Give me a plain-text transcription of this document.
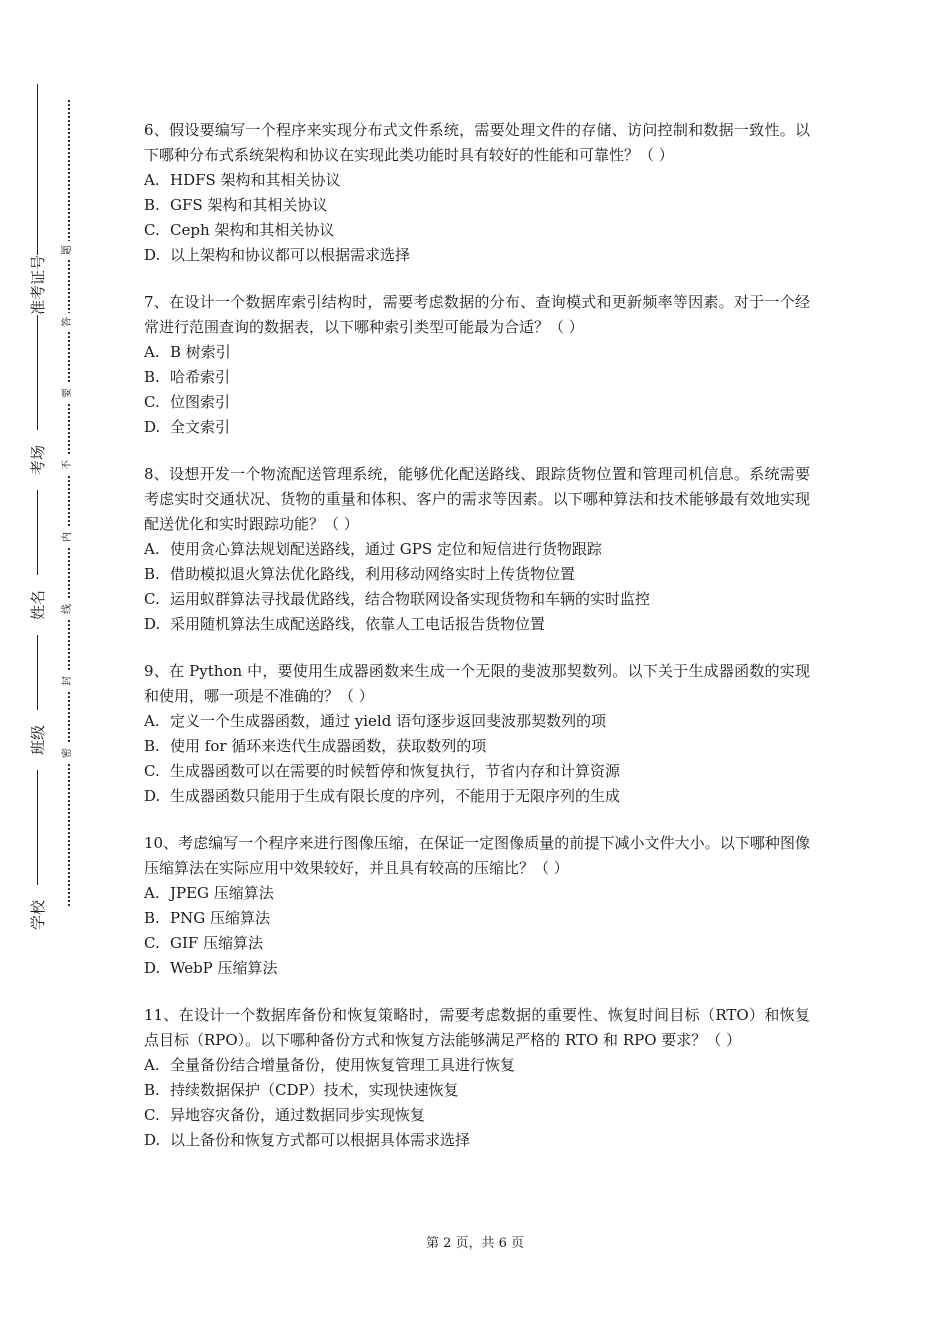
准考证号
考场
姓名
班级
学校
题
答
要
不
内
线
封
密

6、假设要编写一个程序来实现分布式文件系统，需要处理文件的存储、访问控制和数据一致性。以下哪种分布式系统架构和协议在实现此类功能时具有较好的性能和可靠性？（ ）

A. HDFS 架构和其相关协议

B. GFS 架构和其相关协议

C. Ceph 架构和其相关协议

D. 以上架构和协议都可以根据需求选择

7、在设计一个数据库索引结构时，需要考虑数据的分布、查询模式和更新频率等因素。对于一个经常进行范围查询的数据表，以下哪种索引类型可能最为合适？（ ）

A. B 树索引

B. 哈希索引

C. 位图索引

D. 全文索引

8、设想开发一个物流配送管理系统，能够优化配送路线、跟踪货物位置和管理司机信息。系统需要考虑实时交通状况、货物的重量和体积、客户的需求等因素。以下哪种算法和技术能够最有效地实现配送优化和实时跟踪功能？（ ）

A. 使用贪心算法规划配送路线，通过 GPS 定位和短信进行货物跟踪

B. 借助模拟退火算法优化路线，利用移动网络实时上传货物位置

C. 运用蚁群算法寻找最优路线，结合物联网设备实现货物和车辆的实时监控

D. 采用随机算法生成配送路线，依靠人工电话报告货物位置

9、在 Python 中，要使用生成器函数来生成一个无限的斐波那契数列。以下关于生成器函数的实现和使用，哪一项是不准确的？（ ）

A. 定义一个生成器函数，通过 yield 语句逐步返回斐波那契数列的项

B. 使用 for 循环来迭代生成器函数，获取数列的项

C. 生成器函数可以在需要的时候暂停和恢复执行，节省内存和计算资源

D. 生成器函数只能用于生成有限长度的序列，不能用于无限序列的生成

10、考虑编写一个程序来进行图像压缩，在保证一定图像质量的前提下减小文件大小。以下哪种图像压缩算法在实际应用中效果较好，并且具有较高的压缩比？（ ）

A. JPEG 压缩算法

B. PNG 压缩算法

C. GIF 压缩算法

D. WebP 压缩算法

11、在设计一个数据库备份和恢复策略时，需要考虑数据的重要性、恢复时间目标（RTO）和恢复点目标（RPO）。以下哪种备份方式和恢复方法能够满足严格的 RTO 和 RPO 要求？（ ）

A. 全量备份结合增量备份，使用恢复管理工具进行恢复

B. 持续数据保护（CDP）技术，实现快速恢复

C. 异地容灾备份，通过数据同步实现恢复

D. 以上备份和恢复方式都可以根据具体需求选择

第 2 页，共 6 页
